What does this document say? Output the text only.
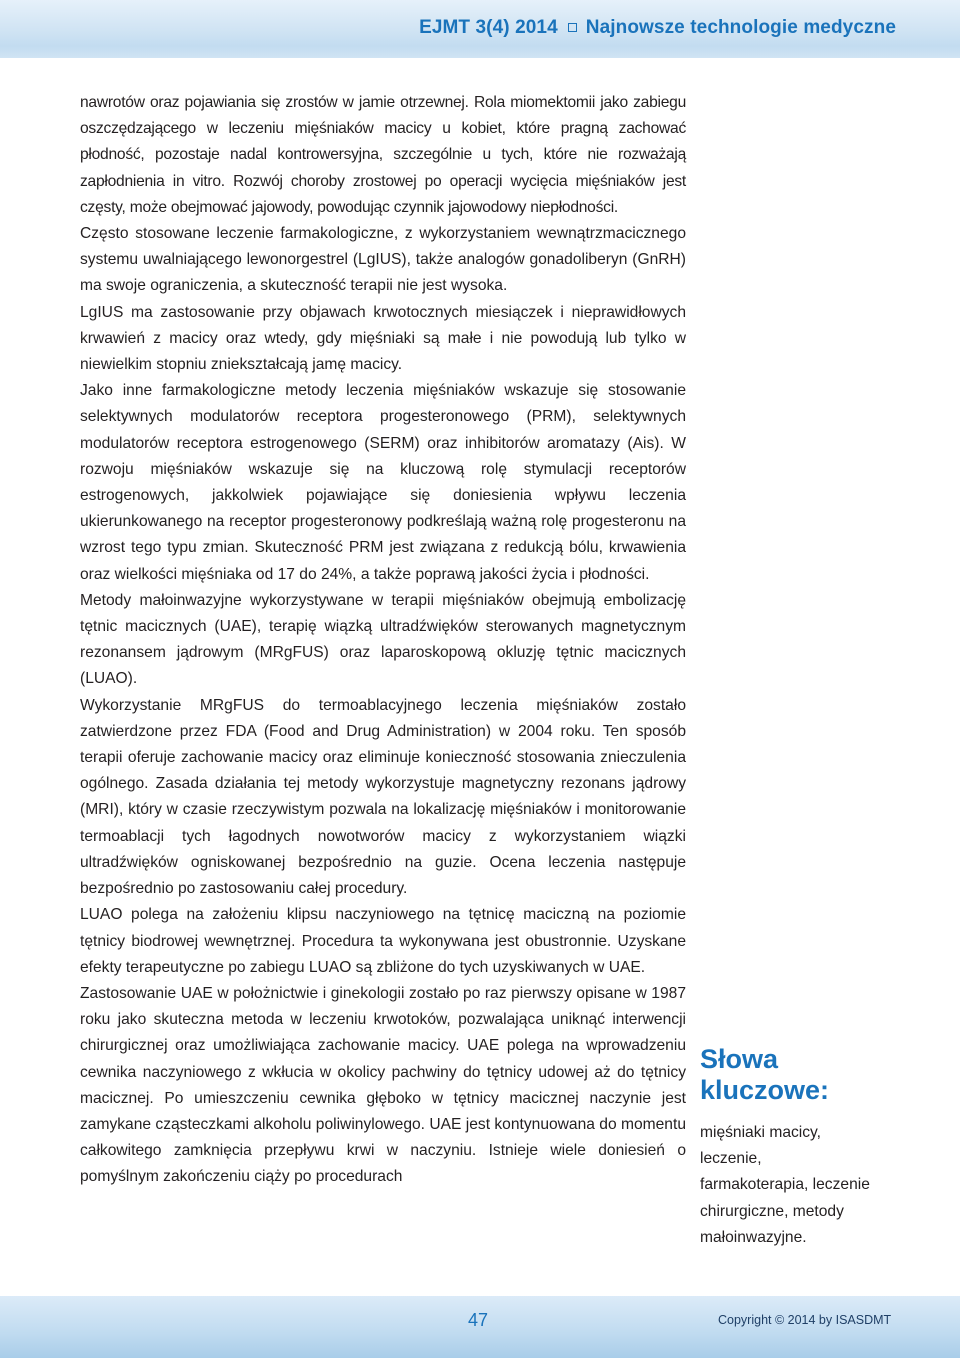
EJMT 3(4) 2014 Najnowsze technologie medyczne

nawrotów oraz pojawiania się zrostów w jamie otrzewnej. Rola miomektomii jako zabiegu oszczędzającego w leczeniu mięśniaków macicy u kobiet, które pragną zachować płodność, pozostaje nadal kontrowersyjna, szczególnie u tych, które nie rozważają zapłodnienia in vitro. Rozwój choroby zrostowej po operacji wycięcia mięśniaków jest częsty, może obejmować jajowody, powodując czynnik jajowodowy niepłodności.

Często stosowane leczenie farmakologiczne, z wykorzystaniem wewnątrzmacicznego systemu uwalniającego lewonorgestrel (LgIUS), także analogów gonadoliberyn (GnRH) ma swoje ograniczenia, a skuteczność terapii nie jest wysoka.

LgIUS ma zastosowanie przy objawach krwotocznych miesiączek i nieprawidłowych krwawień z macicy oraz wtedy, gdy mięśniaki są małe i nie powodują lub tylko w niewielkim stopniu zniekształcają jamę macicy.

Jako inne farmakologiczne metody leczenia mięśniaków wskazuje się stosowanie selektywnych modulatorów receptora progesteronowego (PRM), selektywnych modulatorów receptora estrogenowego (SERM) oraz inhibitorów aromatazy (Ais). W rozwoju mięśniaków wskazuje się na kluczową rolę stymulacji receptorów estrogenowych, jakkolwiek pojawiające się doniesienia wpływu leczenia ukierunkowanego na receptor progesteronowy podkreślają ważną rolę progesteronu na wzrost tego typu zmian. Skuteczność PRM jest związana z redukcją bólu, krwawienia oraz wielkości mięśniaka od 17 do 24%, a także poprawą jakości życia i płodności.

Metody małoinwazyjne wykorzystywane w terapii mięśniaków obejmują embolizację tętnic macicznych (UAE), terapię wiązką ultradźwięków sterowanych magnetycznym rezonansem jądrowym (MRgFUS) oraz laparoskopową okluzję tętnic macicznych (LUAO).

Wykorzystanie MRgFUS do termoablacyjnego leczenia mięśniaków zostało zatwierdzone przez FDA (Food and Drug Administration) w 2004 roku. Ten sposób terapii oferuje zachowanie macicy oraz eliminuje konieczność stosowania znieczulenia ogólnego. Zasada działania tej metody wykorzystuje magnetyczny rezonans jądrowy (MRI), który w czasie rzeczywistym pozwala na lokalizację mięśniaków i monitorowanie termoablacji tych łagodnych nowotworów macicy z wykorzystaniem wiązki ultradźwięków ogniskowanej bezpośrednio na guzie. Ocena leczenia następuje bezpośrednio po zastosowaniu całej procedury.

LUAO polega na założeniu klipsu naczyniowego na tętnicę maciczną na poziomie tętnicy biodrowej wewnętrznej. Procedura ta wykonywana jest obustronnie. Uzyskane efekty terapeutyczne po zabiegu LUAO są zbliżone do tych uzyskiwanych w UAE.

Zastosowanie UAE w położnictwie i ginekologii zostało po raz pierwszy opisane w 1987 roku jako skuteczna metoda w leczeniu krwotoków, pozwalająca uniknąć interwencji chirurgicznej oraz umożliwiająca zachowanie macicy. UAE polega na wprowadzeniu cewnika naczyniowego z wkłucia w okolicy pachwiny do tętnicy udowej aż do tętnicy macicznej. Po umieszczeniu cewnika głęboko w tętnicy macicznej naczynie jest zamykane cząsteczkami alkoholu poliwinylowego. UAE jest kontynuowana do momentu całkowitego zamknięcia przepływu krwi w naczyniu. Istnieje wiele doniesień o pomyślnym zakończeniu ciąży po procedurach

Słowa kluczowe:
mięśniaki macicy, leczenie, farmakoterapia, leczenie chirurgiczne, metody małoinwazyjne.
47	Copyright © 2014 by ISASDMT
